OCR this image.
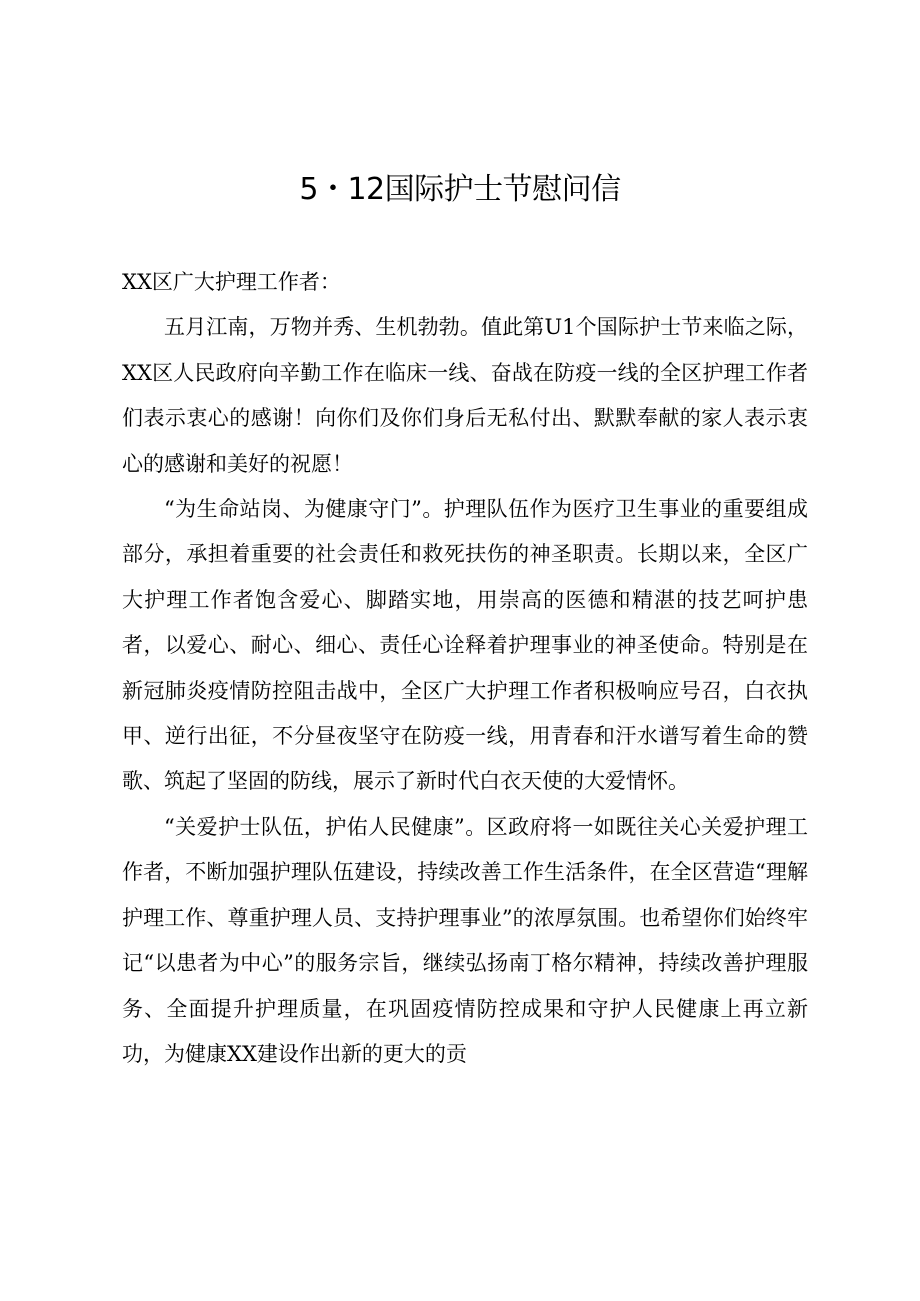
5・12国际护士节慰问信

XX区广大护理工作者：

五月江南，万物并秀、生机勃勃。值此第U1个国际护士节来临之际，XX区人民政府向辛勤工作在临床一线、奋战在防疫一线的全区护理工作者们表示衷心的感谢！向你们及你们身后无私付出、默默奉献的家人表示衷心的感谢和美好的祝愿！

“为生命站岗、为健康守门”。护理队伍作为医疗卫生事业的重要组成部分，承担着重要的社会责任和救死扶伤的神圣职责。长期以来，全区广大护理工作者饱含爱心、脚踏实地，用崇高的医德和精湛的技艺呵护患者，以爱心、耐心、细心、责任心诠释着护理事业的神圣使命。特别是在新冠肺炎疫情防控阻击战中，全区广大护理工作者积极响应号召，白衣执甲、逆行出征，不分昼夜坚守在防疫一线，用青春和汗水谱写着生命的赞歌、筑起了坚固的防线，展示了新时代白衣天使的大爱情怀。

“关爱护士队伍，护佑人民健康”。区政府将一如既往关心关爱护理工作者，不断加强护理队伍建设，持续改善工作生活条件，在全区营造“理解护理工作、尊重护理人员、支持护理事业”的浓厚氛围。也希望你们始终牢记“以患者为中心”的服务宗旨，继续弘扬南丁格尔精神，持续改善护理服务、全面提升护理质量，在巩固疫情防控成果和守护人民健康上再立新功，为健康XX建设作出新的更大的贡
